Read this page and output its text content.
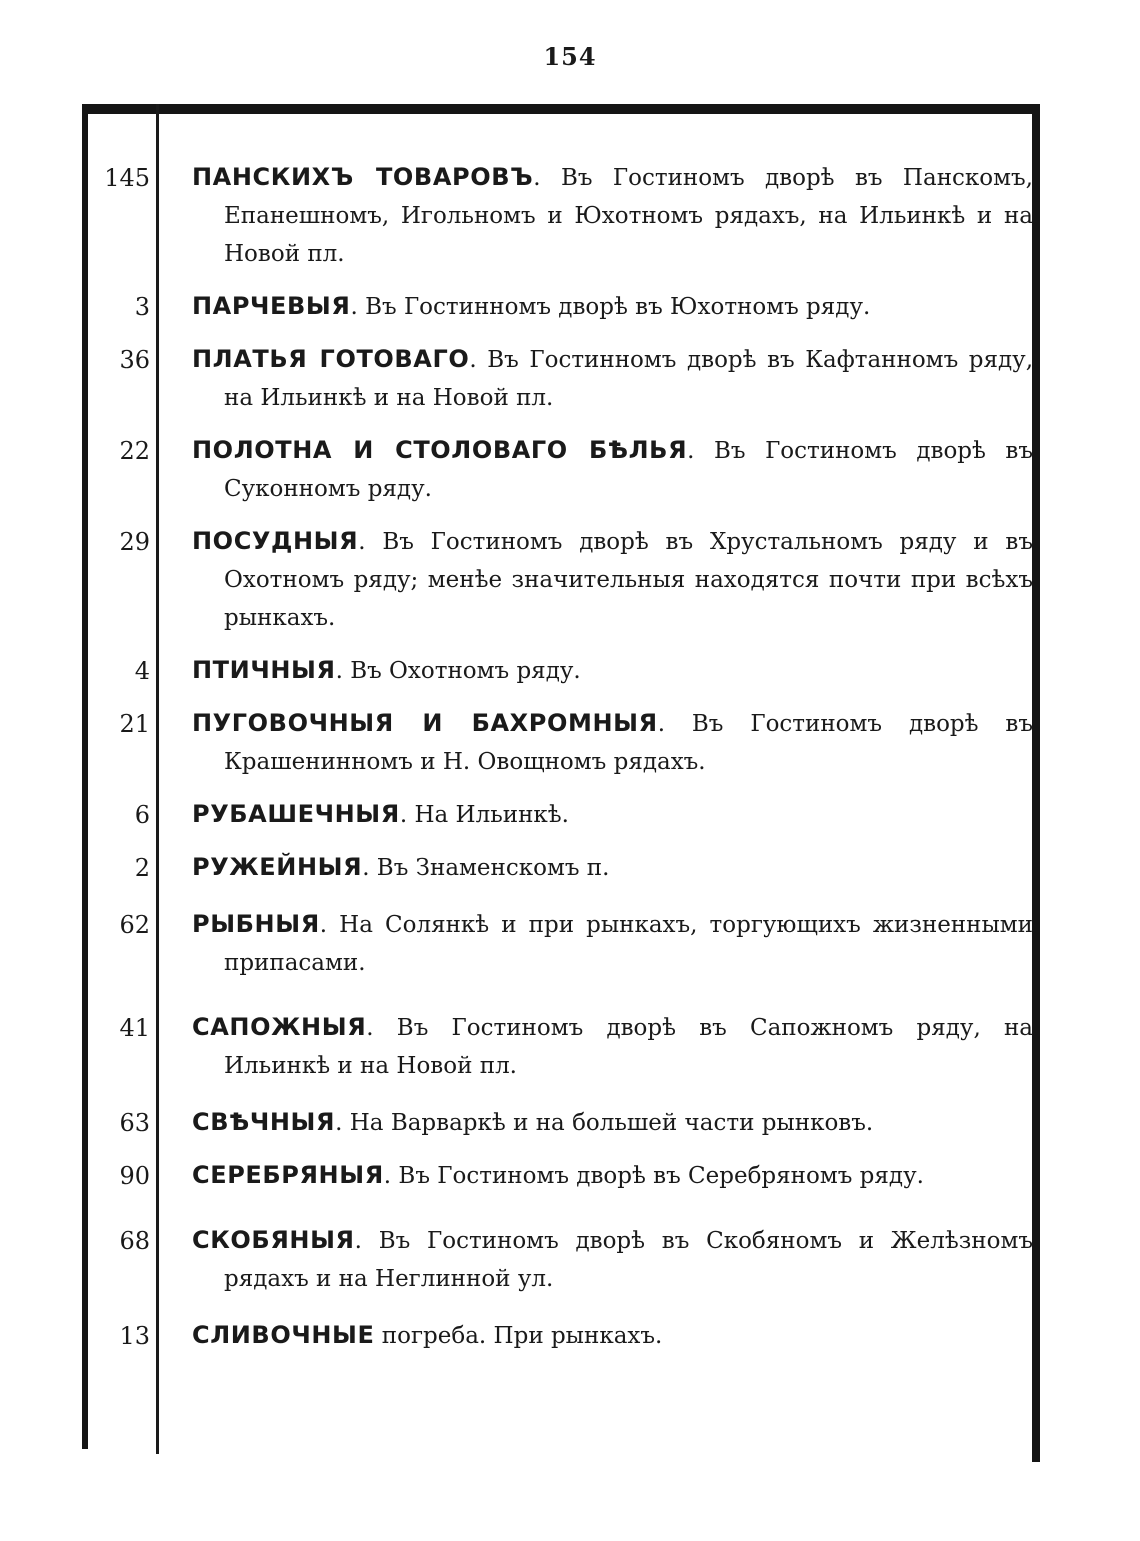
154
145 ПАНСКИХЪ ТОВАРОВЪ. Въ Гостиномъ дворѣ въ Панскомъ, Епанешномъ, Игольномъ и Юхотномъ рядахъ, на Ильинкѣ и на Новой пл.
3 ПАРЧЕВЫЯ. Въ Гостинномъ дворѣ въ Юхотномъ ряду.
36 ПЛАТЬЯ ГОТОВАГО. Въ Гостинномъ дворѣ въ Кафтанномъ ряду, на Ильинкѣ и на Новой пл.
22 ПОЛОТНА И СТОЛОВАГО БѢЛЬЯ. Въ Гостиномъ дворѣ въ Суконномъ ряду.
29 ПОСУДНЫЯ. Въ Гостиномъ дворѣ въ Хрустальномъ ряду и въ Охотномъ ряду; менѣе значительныя находятся почти при всѣхъ рынкахъ.
4 ПТИЧНЫЯ. Въ Охотномъ ряду.
21 ПУГОВОЧНЫЯ И БАХРОМНЫЯ. Въ Гостиномъ дворѣ въ Крашенинномъ и Н. Овощномъ рядахъ.
6 РУБАШЕЧНЫЯ. На Ильинкѣ.
2 РУЖЕЙНЫЯ. Въ Знаменскомъ п.
62 РЫБНЫЯ. На Солянкѣ и при рынкахъ, торгующихъ жизненными припасами.
41 САПОЖНЫЯ. Въ Гостиномъ дворѣ въ Сапожномъ ряду, на Ильинкѣ и на Новой пл.
63 СВѢЧНЫЯ. На Варваркѣ и на большей части рынковъ.
90 СЕРЕБРЯНЫЯ. Въ Гостиномъ дворѣ въ Серебряномъ ряду.
68 СКОБЯНЫЯ. Въ Гостиномъ дворѣ въ Скобяномъ и Желѣзномъ рядахъ и на Неглинной ул.
13 СЛИВОЧНЫЕ погреба. При рынкахъ.
